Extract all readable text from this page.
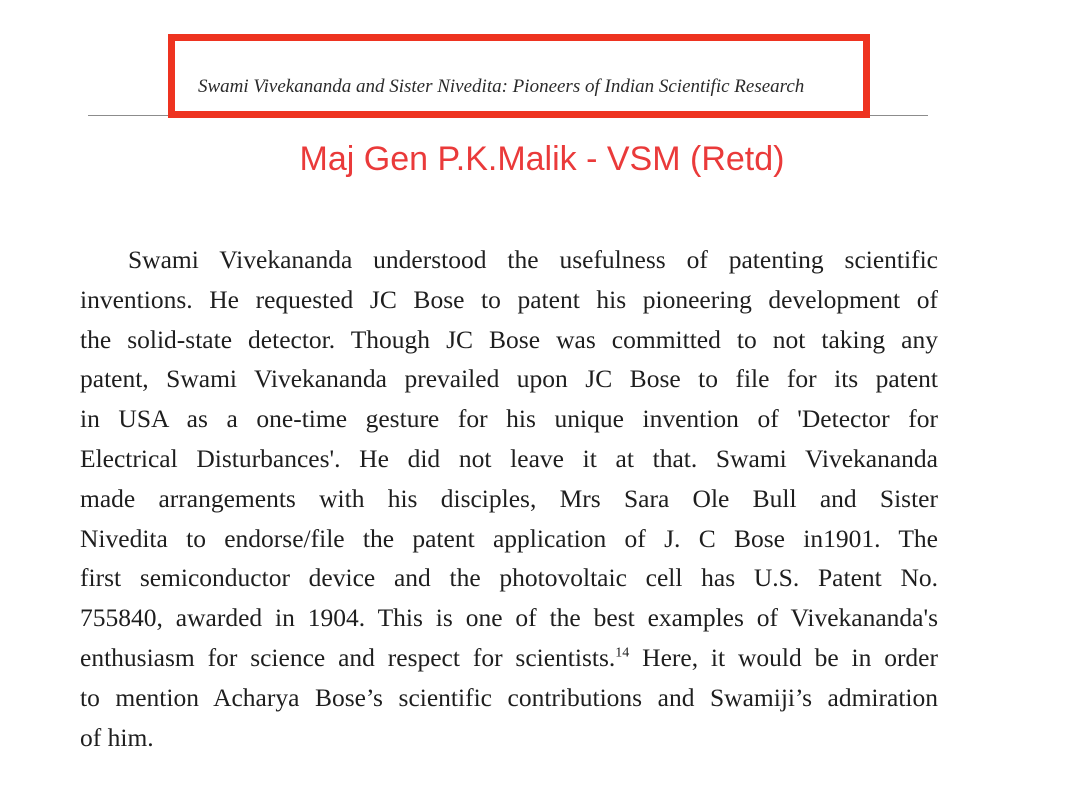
Swami Vivekananda and Sister Nivedita: Pioneers of Indian Scientific Research
Maj Gen P.K.Malik - VSM (Retd)
Swami Vivekananda understood the usefulness of patenting scientific
inventions. He requested JC Bose to patent his pioneering development of
the solid-state detector. Though JC Bose was committed to not taking any
patent, Swami Vivekananda prevailed upon JC Bose to file for its patent
in USA as a one-time gesture for his unique invention of 'Detector for
Electrical Disturbances'. He did not leave it at that. Swami Vivekananda
made arrangements with his disciples, Mrs Sara Ole Bull and Sister
Nivedita to endorse/file the patent application of J. C Bose in1901. The
first semiconductor device and the photovoltaic cell has U.S. Patent No.
755840, awarded in 1904. This is one of the best examples of Vivekananda's
enthusiasm for science and respect for scientists.$^{14}$ Here, it would be in order
to mention Acharya Bose’s scientific contributions and Swamiji’s admiration
of him.
